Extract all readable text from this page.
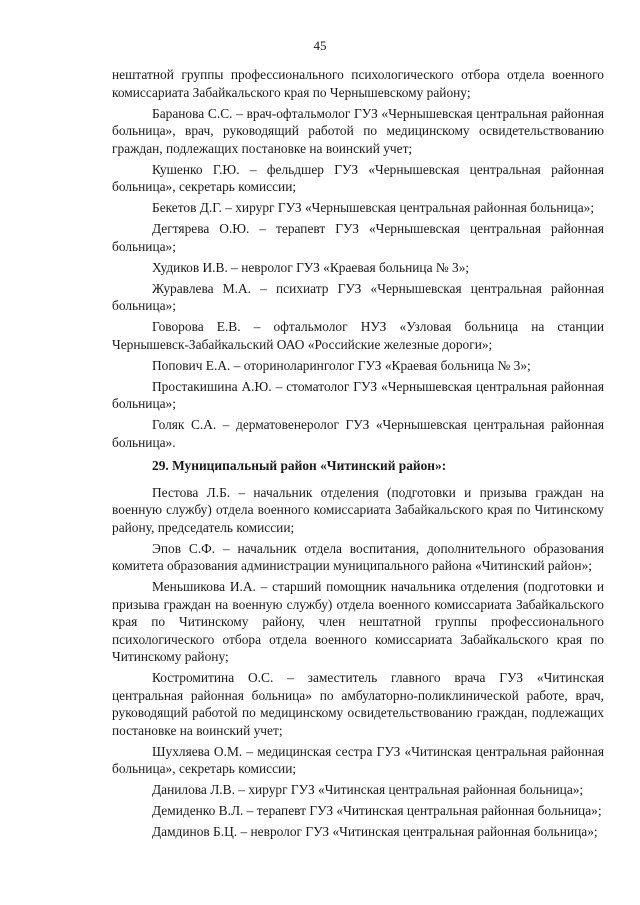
45

нештатной группы профессионального психологического отбора отдела военного комиссариата Забайкальского края по Чернышевскому району;

Баранова С.С. – врач-офтальмолог ГУЗ «Чернышевская центральная районная больница», врач, руководящий работой по медицинскому освидетельствованию граждан, подлежащих постановке на воинский учет;

Кушенко Г.Ю. – фельдшер ГУЗ «Чернышевская центральная районная больница», секретарь комиссии;

Бекетов Д.Г. – хирург ГУЗ «Чернышевская центральная районная больница»;

Дегтярева О.Ю. – терапевт ГУЗ «Чернышевская центральная районная больница»;

Худиков И.В. – невролог ГУЗ «Краевая больница № 3»;

Журавлева М.А. – психиатр ГУЗ «Чернышевская центральная районная больница»;

Говорова Е.В. – офтальмолог НУЗ «Узловая больница на станции Чернышевск-Забайкальский ОАО «Российские железные дороги»;

Попович Е.А. – оториноларинголог ГУЗ «Краевая больница № 3»;

Простакишина А.Ю. – стоматолог ГУЗ «Чернышевская центральная районная больница»;

Голяк С.А. – дерматовенеролог ГУЗ «Чернышевская центральная районная больница».

29. Муниципальный район «Читинский район»:

Пестова Л.Б. – начальник отделения (подготовки и призыва граждан на военную службу) отдела военного комиссариата Забайкальского края по Читинскому району, председатель комиссии;

Эпов С.Ф. – начальник отдела воспитания, дополнительного образования комитета образования администрации муниципального района «Читинский район»;

Меньшикова И.А. – старший помощник начальника отделения (подготовки и призыва граждан на военную службу) отдела военного комиссариата Забайкальского края по Читинскому району, член нештатной группы профессионального психологического отбора отдела военного комиссариата Забайкальского края по Читинскому району;

Костромитина О.С. – заместитель главного врача ГУЗ «Читинская центральная районная больница» по амбулаторно-поликлинической работе, врач, руководящий работой по медицинскому освидетельствованию граждан, подлежащих постановке на воинский учет;

Шухляева О.М. – медицинская сестра ГУЗ «Читинская центральная районная больница», секретарь комиссии;

Данилова Л.В. – хирург ГУЗ «Читинская центральная районная больница»;

Демиденко В.Л. – терапевт ГУЗ «Читинская центральная районная больница»;

Дамдинов Б.Ц. – невролог ГУЗ «Читинская центральная районная больница»;
